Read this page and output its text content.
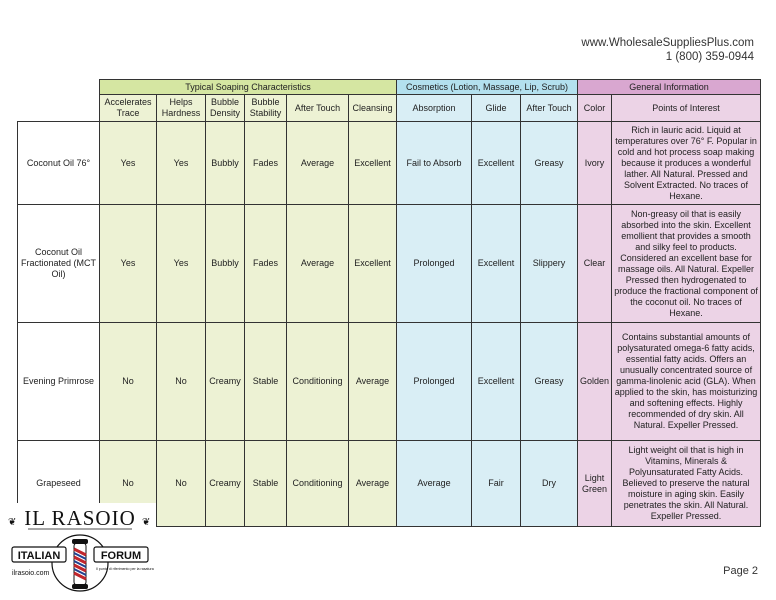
www.WholesaleSuppliesPlus.com
1 (800) 359-0944
	Typical Soaping Characteristics						Cosmetics (Lotion, Massage, Lip, Scrub)			General Information	
	Accelerates Trace	Helps Hardness	Bubble Density	Bubble Stability	After Touch	Cleansing	Absorption	Glide	After Touch	Color	Points of Interest
Coconut Oil 76°	Yes	Yes	Bubbly	Fades	Average	Excellent	Fail to Absorb	Excellent	Greasy	Ivory	Rich in lauric acid. Liquid at temperatures over 76° F. Popular in cold and hot process soap making because it produces a wonderful lather. All Natural. Pressed and Solvent Extracted. No traces of Hexane.
Coconut Oil Fractionated (MCT Oil)	Yes	Yes	Bubbly	Fades	Average	Excellent	Prolonged	Excellent	Slippery	Clear	Non-greasy oil that is easily absorbed into the skin. Excellent emollient that provides a smooth and silky feel to products. Considered an excellent base for massage oils. All Natural. Expeller Pressed then hydrogenated to produce the fractional component of the coconut oil. No traces of Hexane.
Evening Primrose	No	No	Creamy	Stable	Conditioning	Average	Prolonged	Excellent	Greasy	Golden	Contains substantial amounts of polysaturated omega-6 fatty acids, essential fatty acids. Offers an unusually concentrated source of gamma-linolenic acid (GLA). When applied to the skin, has moisturizing and softening effects. Highly recommended of dry skin. All Natural. Expeller Pressed.
Grapeseed	No	No	Creamy	Stable	Conditioning	Average	Average	Fair	Dry	Light Green	Light weight oil that is high in Vitamins, Minerals & Polyunsaturated Fatty Acids. Believed to preserve the natural moisture in aging skin. Easily penetrates the skin. All Natural. Expeller Pressed.
IL RASOIO
❦	❦
ITALIAN	FORUM
ilrasoio.com
Il punto di riferimento per la rasatura	Page 2
